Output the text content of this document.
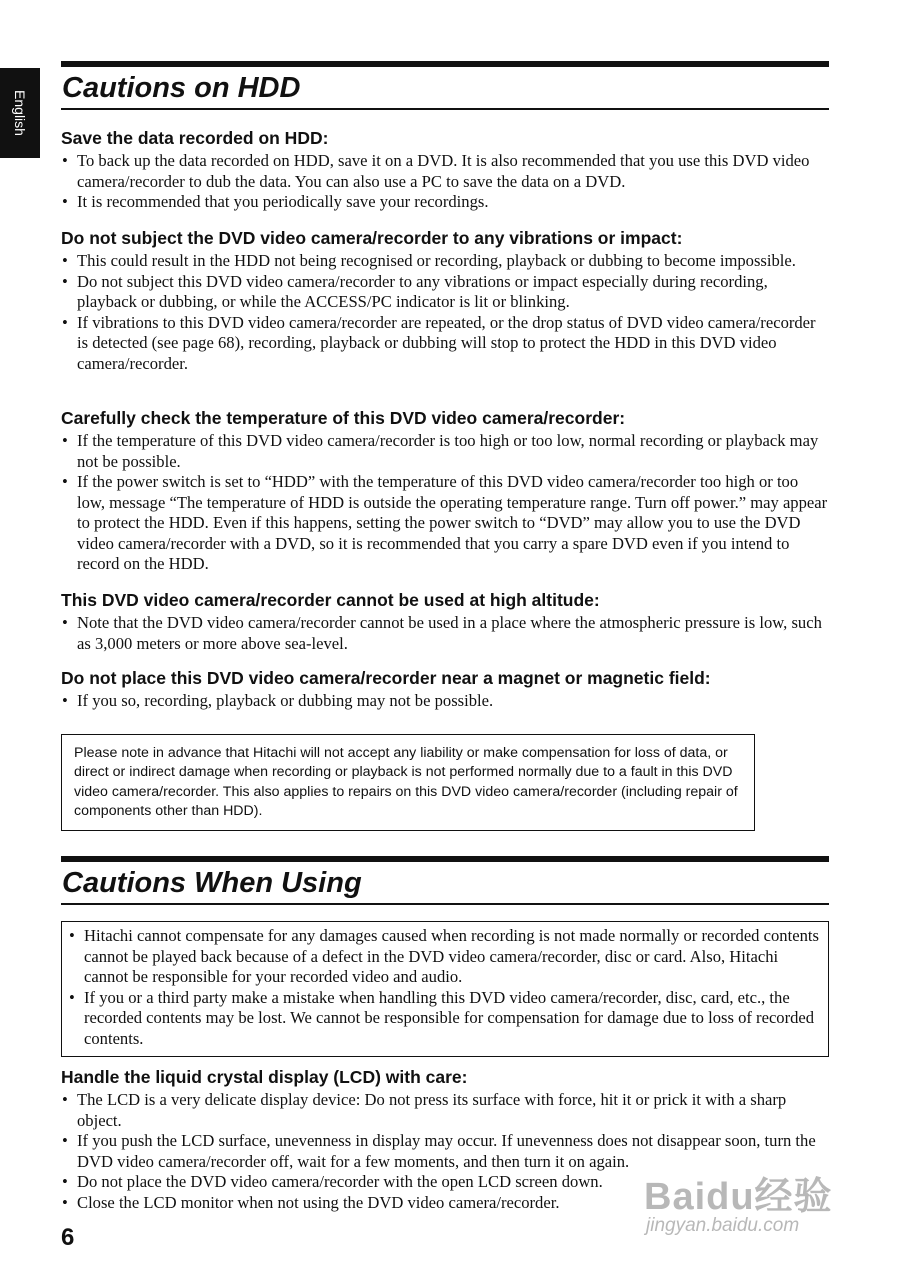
English
Cautions on HDD
Save the data recorded on HDD:
• To back up the data recorded on HDD, save it on a DVD. It is also recommended that you use this DVD video camera/recorder to dub the data. You can also use a PC to save the data on a DVD.
• It is recommended that you periodically save your recordings.
Do not subject the DVD video camera/recorder to any vibrations or impact:
• This could result in the HDD not being recognised or recording, playback or dubbing to become impossible.
• Do not subject this DVD video camera/recorder to any vibrations or impact especially during recording, playback or dubbing, or while the ACCESS/PC indicator is lit or blinking.
• If vibrations to this DVD video camera/recorder are repeated, or the drop status of DVD video camera/recorder is detected (see page 68), recording, playback or dubbing will stop to protect the HDD in this DVD video camera/recorder.
Carefully check the temperature of this DVD video camera/recorder:
• If the temperature of this DVD video camera/recorder is too high or too low, normal recording or playback may not be possible.
• If the power switch is set to “HDD” with the temperature of this DVD video camera/recorder too high or too low, message “The temperature of HDD is outside the operating temperature range. Turn off power.” may appear to protect the HDD. Even if this happens, setting the power switch to “DVD” may allow you to use the DVD video camera/recorder with a DVD, so it is recommended that you carry a spare DVD even if you intend to record on the HDD.
This DVD video camera/recorder cannot be used at high altitude:
• Note that the DVD video camera/recorder cannot be used in a place where the atmospheric pressure is low, such as 3,000 meters or more above sea-level.
Do not place this DVD video camera/recorder near a magnet or magnetic field:
• If you so, recording, playback or dubbing may not be possible.
Please note in advance that Hitachi will not accept any liability or make compensation for loss of data, or direct or indirect damage when recording or playback is not performed normally due to a fault in this DVD video camera/recorder. This also applies to repairs on this DVD video camera/recorder (including repair of components other than HDD).
Cautions When Using
• Hitachi cannot compensate for any damages caused when recording is not made normally or recorded contents cannot be played back because of a defect in the DVD video camera/recorder, disc or card. Also, Hitachi cannot be responsible for your recorded video and audio.
• If you or a third party make a mistake when handling this DVD video camera/recorder, disc, card, etc., the recorded contents may be lost. We cannot be responsible for compensation for damage due to loss of recorded contents.
Handle the liquid crystal display (LCD) with care:
• The LCD is a very delicate display device: Do not press its surface with force, hit it or prick it with a sharp object.
• If you push the LCD surface, unevenness in display may occur. If unevenness does not disappear soon, turn the DVD video camera/recorder off, wait for a few moments, and then turn it on again.
• Do not place the DVD video camera/recorder with the open LCD screen down.
• Close the LCD monitor when not using the DVD video camera/recorder.
6
Baidu经验
jingyan.baidu.com
